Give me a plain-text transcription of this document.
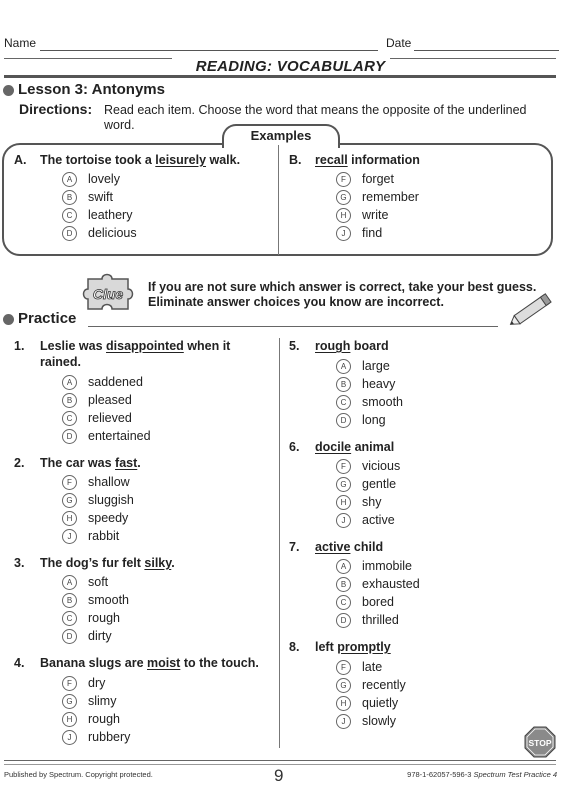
Name	Date
READING: VOCABULARY
Lesson 3: Antonyms
Directions: Read each item. Choose the word that means the opposite of the underlined
word.
Examples
A. The tortoise took a leisurely walk.
A	lovely
B	swift
C	leathery
D	delicious
B. recall information
F	forget
G	remember
H	write
J	find
Clue If you are not sure which answer is correct, take your best guess.
Eliminate answer choices you know are incorrect.
Practice
1. Leslie was disappointed when it
rained.
A	saddened
B	pleased
C	relieved
D	entertained
2. The car was fast.
F	shallow
G	sluggish
H	speedy
J	rabbit
3. The dog’s fur felt silky.
A	soft
B	smooth
C	rough
D	dirty
4. Banana slugs are moist to the touch.
F	dry
G	slimy
H	rough
J	rubbery
5. rough board
A	large
B	heavy
C	smooth
D	long
6. docile animal
F	vicious
G	gentle
H	shy
J	active
7. active child
A	immobile
B	exhausted
C	bored
D	thrilled
8. left promptly
F	late
G	recently
H	quietly
J	slowly
STOP
Published by Spectrum. Copyright protected.	9	978-1-62057-596-3 Spectrum Test Practice 4
